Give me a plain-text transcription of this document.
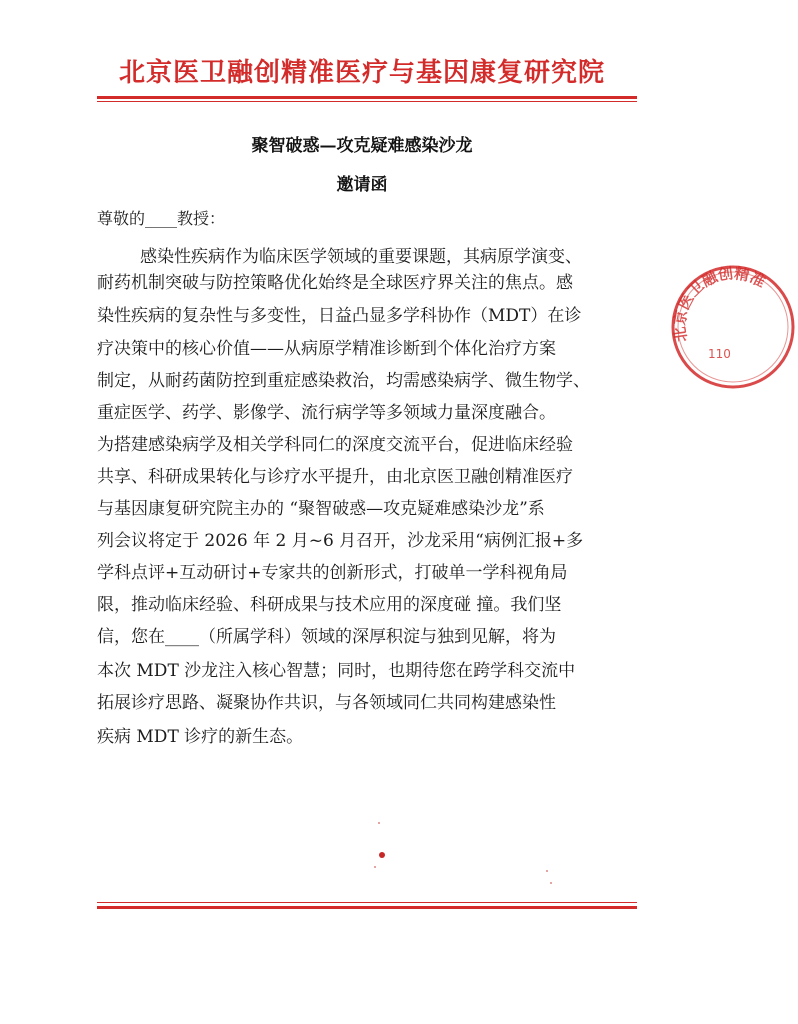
北京医卫融创精准医疗与基因康复研究院
聚智破惑—攻克疑难感染沙龙
邀请函
尊敬的____教授：
感染性疾病作为临床医学领域的重要课题，其病原学演变、
耐药机制突破与防控策略优化始终是全球医疗界关注的焦点。感
染性疾病的复杂性与多变性，日益凸显多学科协作（MDT）在诊
疗决策中的核心价值——从病原学精准诊断到个体化治疗方案
制定，从耐药菌防控到重症感染救治，均需感染病学、微生物学、
重症医学、药学、影像学、流行病学等多领域力量深度融合。
为搭建感染病学及相关学科同仁的深度交流平台，促进临床经验
共享、科研成果转化与诊疗水平提升，由北京医卫融创精准医疗
与基因康复研究院主办的 “聚智破惑—攻克疑难感染沙龙”系
列会议将定于 2026 年 2 月~6 月召开，沙龙采用“病例汇报+多
学科点评+互动研讨+专家共的创新形式，打破单一学科视角局
限，推动临床经验、科研成果与技术应用的深度碰 撞。我们坚
信，您在____（所属学科）领域的深厚积淀与独到见解，将为
本次 MDT 沙龙注入核心智慧；同时，也期待您在跨学科交流中
拓展诊疗思路、凝聚协作共识，与各领域同仁共同构建感染性
疾病 MDT 诊疗的新生态。
北京医卫融创精准
110
